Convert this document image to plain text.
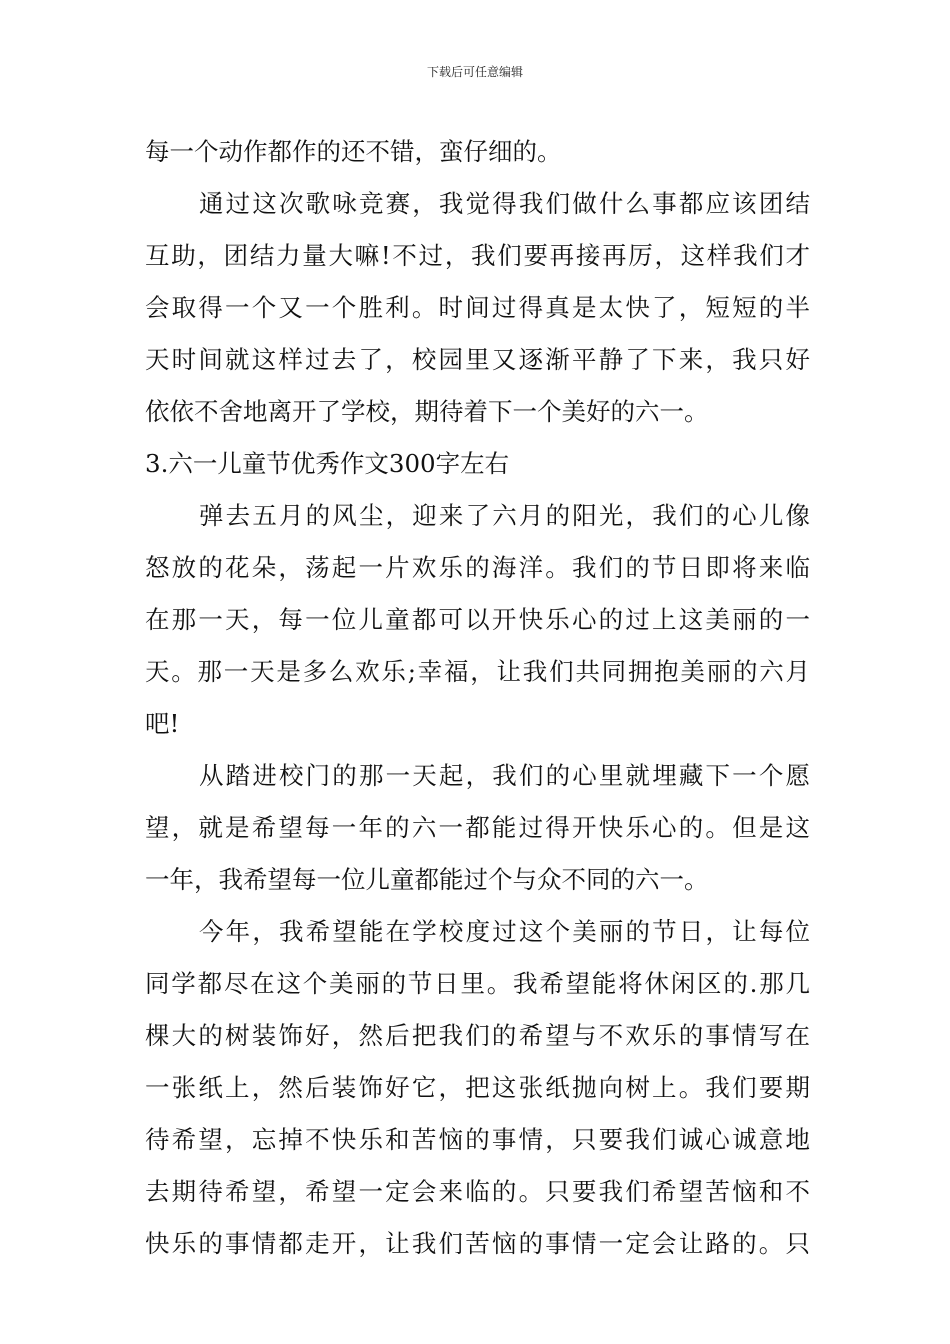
下载后可任意编辑
每一个动作都作的还不错，蛮仔细的。
通过这次歌咏竞赛，我觉得我们做什么事都应该团结
互助，团结力量大嘛!不过，我们要再接再厉，这样我们才
会取得一个又一个胜利。时间过得真是太快了，短短的半
天时间就这样过去了，校园里又逐渐平静了下来，我只好
依依不舍地离开了学校，期待着下一个美好的六一。
3.六一儿童节优秀作文300字左右
弹去五月的风尘，迎来了六月的阳光，我们的心儿像
怒放的花朵，荡起一片欢乐的海洋。我们的节日即将来临
在那一天，每一位儿童都可以开快乐心的过上这美丽的一
天。那一天是多么欢乐;幸福，让我们共同拥抱美丽的六月
吧!
从踏进校门的那一天起，我们的心里就埋藏下一个愿
望，就是希望每一年的六一都能过得开快乐心的。但是这
一年，我希望每一位儿童都能过个与众不同的六一。
今年，我希望能在学校度过这个美丽的节日，让每位
同学都尽在这个美丽的节日里。我希望能将休闲区的.那几
棵大的树装饰好，然后把我们的希望与不欢乐的事情写在
一张纸上，然后装饰好它，把这张纸抛向树上。我们要期
待希望，忘掉不快乐和苦恼的事情，只要我们诚心诚意地
去期待希望，希望一定会来临的。只要我们希望苦恼和不
快乐的事情都走开，让我们苦恼的事情一定会让路的。只
